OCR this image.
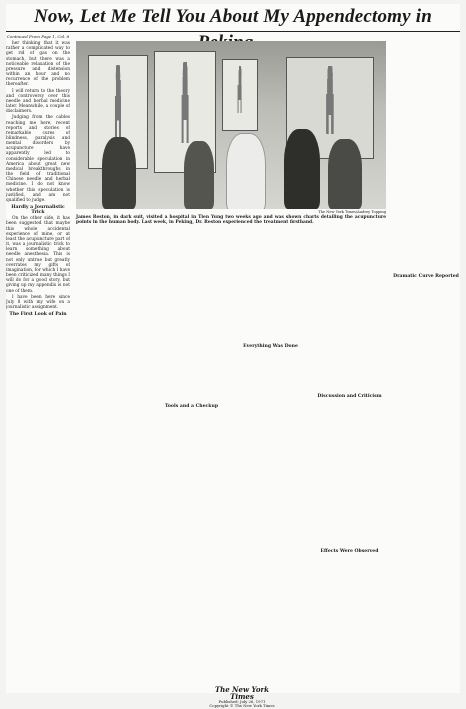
Now, Let Me Tell You About My Appendectomy in
The New York Times/Audrey Topping
James Reston, in dark suit, visited a hospital in Tien Yung two weeks ago and was shown charts detailing the acupuncture points in the human body. Last week, in Peking, Dr. Reston experienced the treatment firsthand.

Continued From Page 1, Col. 8

her thinking that it was rather a complicated way to get rid of gas on the stomach, but there was a noticeable relaxation of the pressure and distension within an hour and no recurrence of the problem thereafter.

I will return to the theory and controversy over this needle and herbal medicine later. Meanwhile, a couple of disclaimers.

Judging from the cables reaching me here, recent reports and stories of remarkable cures of blindness, paralysis and mental disorders by acupuncture have apparently led to considerable speculation in America about great new medical breakthroughs in the field of traditional Chinese needle and herbal medicine. I do not know whether this speculation is justified, and am not qualified to judge.

Hardly a Journalistic Trick

On the other side, it has been suggested that maybe this whole accidental experience of mine, or at least the acupuncture part of it, was a journalistic trick to learn something about needle anesthesia. This is not only untrue but greatly overrates my gifts of imagination, for which I have been criticized many things I will do for a good story, but giving up my appendix is not one of them.

I have been here since July 8 with my wife on a journalistic assignment.

The First Look of Pain
Tools and a Checkup
Everything Was Done
Discussion and Criticism
Effects Were Observed
Dramatic Curve Reported
The New York Times
Published: July 26, 1971
Copyright © The New York Times
